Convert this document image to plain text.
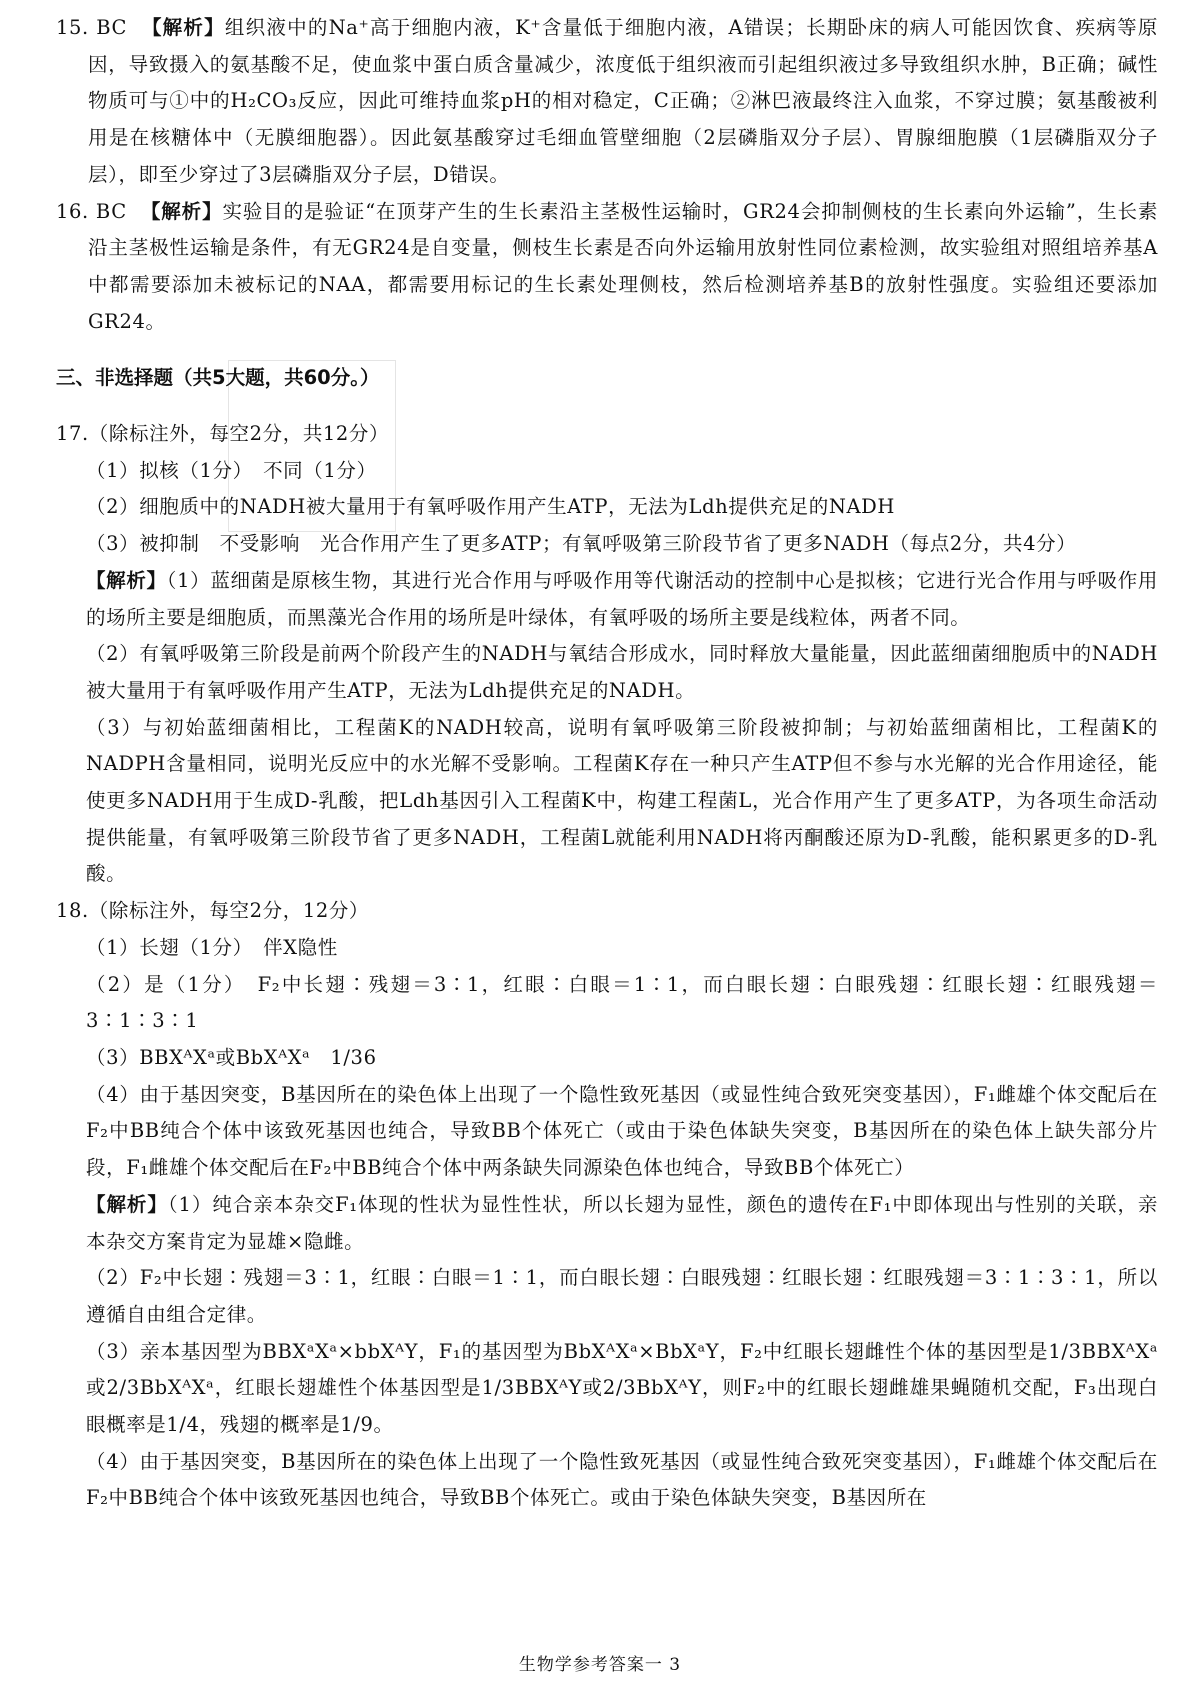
15. BC 【解析】组织液中的Na⁺高于细胞内液，K⁺含量低于细胞内液，A错误；长期卧床的病人可能因饮食、疾病等原因，导致摄入的氨基酸不足，使血浆中蛋白质含量减少，浓度低于组织液而引起组织液过多导致组织水肿，B正确；碱性物质可与①中的H₂CO₃反应，因此可维持血浆pH的相对稳定，C正确；②淋巴液最终注入血浆，不穿过膜；氨基酸被利用是在核糖体中（无膜细胞器）。因此氨基酸穿过毛细血管壁细胞（2层磷脂双分子层）、胃腺细胞膜（1层磷脂双分子层），即至少穿过了3层磷脂双分子层，D错误。

16. BC 【解析】实验目的是验证“在顶芽产生的生长素沿主茎极性运输时，GR24会抑制侧枝的生长素向外运输”，生长素沿主茎极性运输是条件，有无GR24是自变量，侧枝生长素是否向外运输用放射性同位素检测，故实验组对照组培养基A中都需要添加未被标记的NAA，都需要用标记的生长素处理侧枝，然后检测培养基B的放射性强度。实验组还要添加GR24。

三、非选择题（共5大题，共60分。）

17.（除标注外，每空2分，共12分）

（1）拟核（1分）　不同（1分）

（2）细胞质中的NADH被大量用于有氧呼吸作用产生ATP，无法为Ldh提供充足的NADH

（3）被抑制　不受影响　光合作用产生了更多ATP；有氧呼吸第三阶段节省了更多NADH（每点2分，共4分）

【解析】（1）蓝细菌是原核生物，其进行光合作用与呼吸作用等代谢活动的控制中心是拟核；它进行光合作用与呼吸作用的场所主要是细胞质，而黑藻光合作用的场所是叶绿体，有氧呼吸的场所主要是线粒体，两者不同。

（2）有氧呼吸第三阶段是前两个阶段产生的NADH与氧结合形成水，同时释放大量能量，因此蓝细菌细胞质中的NADH被大量用于有氧呼吸作用产生ATP，无法为Ldh提供充足的NADH。

（3）与初始蓝细菌相比，工程菌K的NADH较高，说明有氧呼吸第三阶段被抑制；与初始蓝细菌相比，工程菌K的NADPH含量相同，说明光反应中的水光解不受影响。工程菌K存在一种只产生ATP但不参与水光解的光合作用途径，能使更多NADH用于生成D-乳酸，把Ldh基因引入工程菌K中，构建工程菌L，光合作用产生了更多ATP，为各项生命活动提供能量，有氧呼吸第三阶段节省了更多NADH，工程菌L就能利用NADH将丙酮酸还原为D-乳酸，能积累更多的D-乳酸。

18.（除标注外，每空2分，12分）

（1）长翅（1分）　伴X隐性

（2）是（1分）　F₂中长翅∶残翅＝3∶1，红眼∶白眼＝1∶1，而白眼长翅∶白眼残翅∶红眼长翅∶红眼残翅＝3∶1∶3∶1

（3）BBXᴬXᵃ或BbXᴬXᵃ　1/36

（4）由于基因突变，B基因所在的染色体上出现了一个隐性致死基因（或显性纯合致死突变基因），F₁雌雄个体交配后在F₂中BB纯合个体中该致死基因也纯合，导致BB个体死亡（或由于染色体缺失突变，B基因所在的染色体上缺失部分片段，F₁雌雄个体交配后在F₂中BB纯合个体中两条缺失同源染色体也纯合，导致BB个体死亡）

【解析】（1）纯合亲本杂交F₁体现的性状为显性性状，所以长翅为显性，颜色的遗传在F₁中即体现出与性别的关联，亲本杂交方案肯定为显雄×隐雌。

（2）F₂中长翅∶残翅＝3∶1，红眼∶白眼＝1∶1，而白眼长翅∶白眼残翅∶红眼长翅∶红眼残翅＝3∶1∶3∶1，所以遵循自由组合定律。

（3）亲本基因型为BBXᵃXᵃ×bbXᴬY，F₁的基因型为BbXᴬXᵃ×BbXᵃY，F₂中红眼长翅雌性个体的基因型是1/3BBXᴬXᵃ或2/3BbXᴬXᵃ，红眼长翅雄性个体基因型是1/3BBXᴬY或2/3BbXᴬY，则F₂中的红眼长翅雌雄果蝇随机交配，F₃出现白眼概率是1/4，残翅的概率是1/9。

（4）由于基因突变，B基因所在的染色体上出现了一个隐性致死基因（或显性纯合致死突变基因），F₁雌雄个体交配后在F₂中BB纯合个体中该致死基因也纯合，导致BB个体死亡。或由于染色体缺失突变，B基因所在

生物学参考答案一 3
